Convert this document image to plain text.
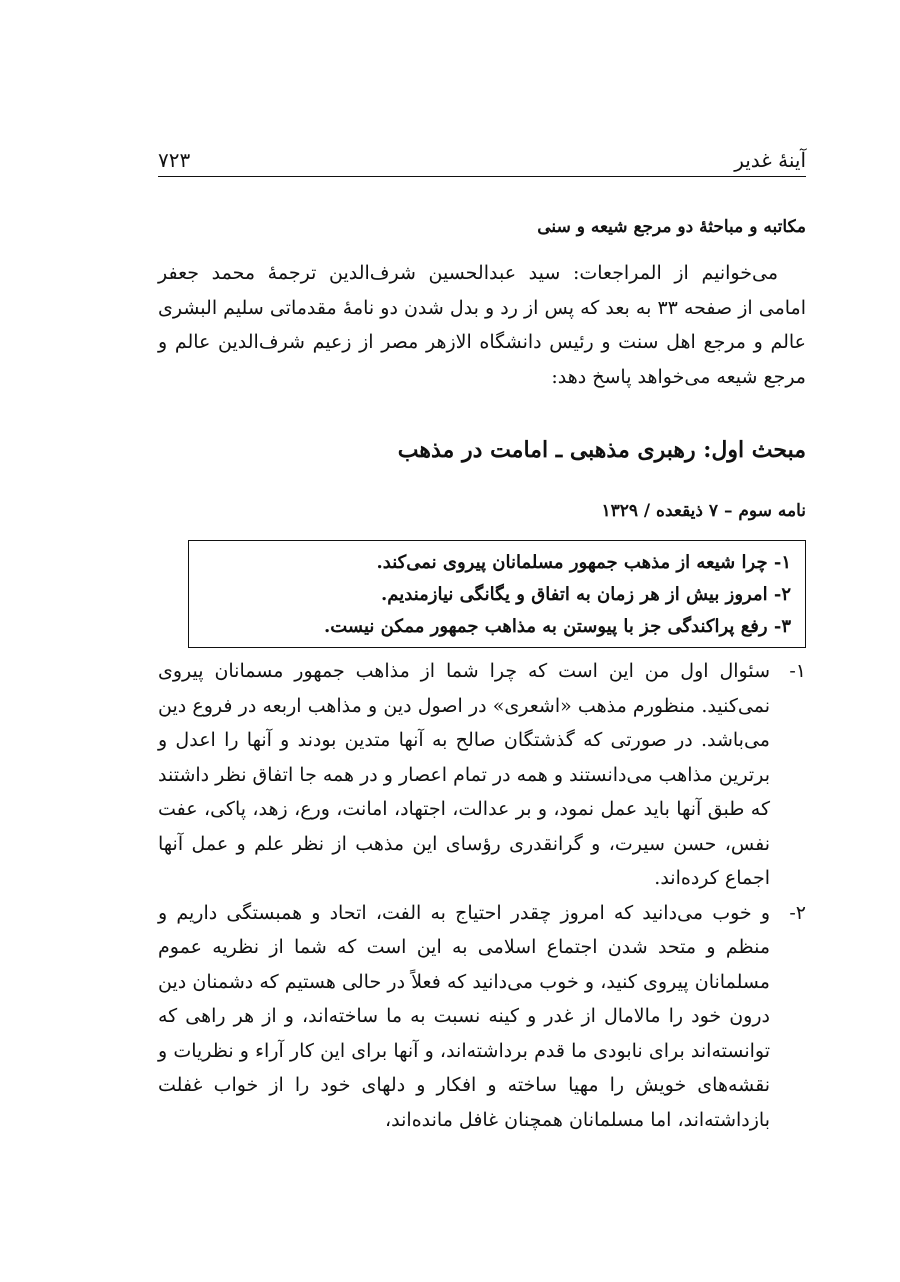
آینهٔ غدیر
۷۲۳
مکاتبه و مباحثهٔ دو مرجع شیعه و سنی

می‌خوانیم از المراجعات: سید عبدالحسین شرف‌الدین ترجمهٔ محمد جعفر امامی از صفحه ۳۳ به بعد که پس از رد و بدل شدن دو نامهٔ مقدماتی سلیم البشری عالم و مرجع اهل سنت و رئیس دانشگاه الازهر مصر از زعیم شرف‌الدین عالم و مرجع شیعه می‌خواهد پاسخ دهد:

مبحث اول: رهبری مذهبی ـ امامت در مذهب
نامه سوم – ۷ ذیقعده / ۱۳۲۹
۱- چرا شیعه از مذهب جمهور مسلمانان پیروی نمی‌کند.
۲- امروز بیش از هر زمان به اتفاق و یگانگی نیازمندیم.
۳- رفع پراکندگی جز با پیوستن به مذاهب جمهور ممکن نیست.
۱-
سئوال اول من این است که چرا شما از مذاهب جمهور مسمانان پیروی نمی‌کنید. منظورم مذهب «اشعری» در اصول دین و مذاهب اربعه در فروع دین می‌باشد. در صورتی که گذشتگان صالح به آنها متدین بودند و آنها را اعدل و برترین مذاهب می‌دانستند و همه در تمام اعصار و در همه جا اتفاق نظر داشتند که طبق آنها باید عمل نمود، و بر عدالت، اجتهاد، امانت، ورع، زهد، پاکی، عفت نفس، حسن سیرت، و گرانقدری رؤسای این مذهب از نظر علم و عمل آنها اجماع کرده‌اند.
۲-
و خوب می‌دانید که امروز چقدر احتیاج به الفت، اتحاد و همبستگی داریم و منظم و متحد شدن اجتماع اسلامی به این است که شما از نظریه عموم مسلمانان پیروی کنید، و خوب می‌دانید که فعلاً در حالی هستیم که دشمنان دین درون خود را مالامال از غدر و کینه نسبت به ما ساخته‌اند، و از هر راهی که توانسته‌اند برای نابودی ما قدم برداشته‌اند، و آنها برای این کار آراء و نظریات و نقشه‌های خویش را مهیا ساخته و افکار و دلهای خود را از خواب غفلت بازداشته‌اند، اما مسلمانان همچنان غافل مانده‌اند،
